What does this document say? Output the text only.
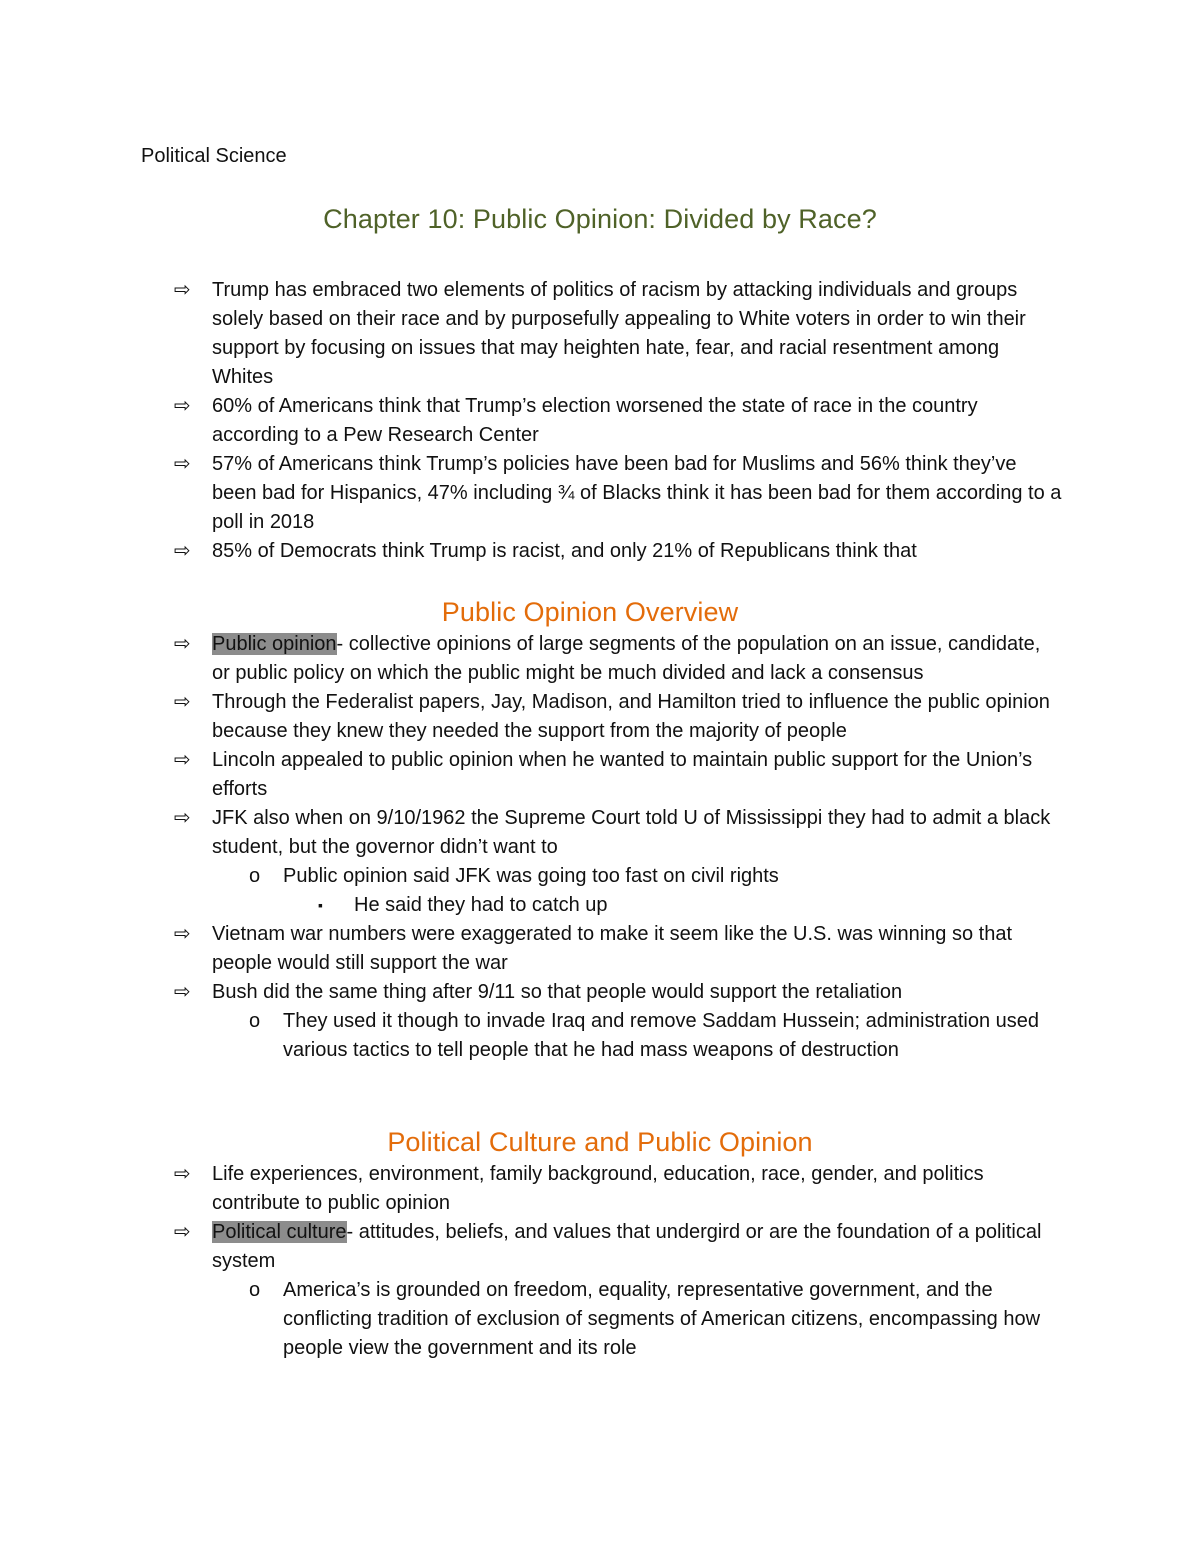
Political Science
Chapter 10: Public Opinion: Divided by Race?
⇨ Trump has embraced two elements of politics of racism by attacking individuals and groups solely based on their race and by purposefully appealing to White voters in order to win their support by focusing on issues that may heighten hate, fear, and racial resentment among Whites
⇨ 60% of Americans think that Trump’s election worsened the state of race in the country according to a Pew Research Center
⇨ 57% of Americans think Trump’s policies have been bad for Muslims and 56% think they’ve been bad for Hispanics, 47% including ¾ of Blacks think it has been bad for them according to a poll in 2018
⇨ 85% of Democrats think Trump is racist, and only 21% of Republicans think that
Public Opinion Overview
⇨ Public opinion- collective opinions of large segments of the population on an issue, candidate, or public policy on which the public might be much divided and lack a consensus
⇨ Through the Federalist papers, Jay, Madison, and Hamilton tried to influence the public opinion because they knew they needed the support from the majority of people
⇨ Lincoln appealed to public opinion when he wanted to maintain public support for the Union’s efforts
⇨ JFK also when on 9/10/1962 the Supreme Court told U of Mississippi they had to admit a black student, but the governor didn’t want to
o Public opinion said JFK was going too fast on civil rights
▪ He said they had to catch up
⇨ Vietnam war numbers were exaggerated to make it seem like the U.S. was winning so that people would still support the war
⇨ Bush did the same thing after 9/11 so that people would support the retaliation
o They used it though to invade Iraq and remove Saddam Hussein; administration used various tactics to tell people that he had mass weapons of destruction
Political Culture and Public Opinion
⇨ Life experiences, environment, family background, education, race, gender, and politics contribute to public opinion
⇨ Political culture- attitudes, beliefs, and values that undergird or are the foundation of a political system
o America’s is grounded on freedom, equality, representative government, and the conflicting tradition of exclusion of segments of American citizens, encompassing how people view the government and its role
